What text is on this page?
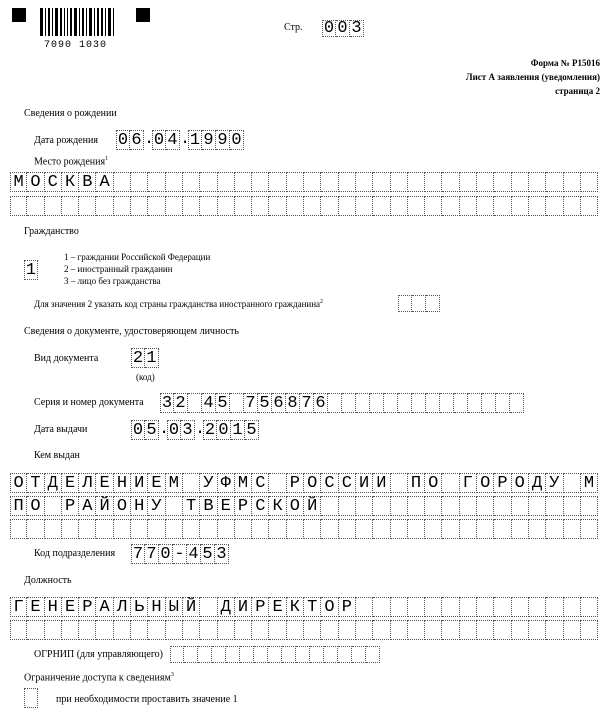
7090 1030
Стр. 0 0 3
Форма № Р15016
Лист А заявления (уведомления)
страница 2
Сведения о рождении
Дата рождения 0 6 . 0 4 . 1 9 9 0
Место рождения$^1$
М О С К В А
Гражданство
1
1 – граждании Российской Федерации
2 – иностранный гражданин
3 – лицо без гражданства
Для значения 2 указать код страны гражданства иностранного гражданина$^2$
Сведения о документе, удостоверяющем личность
Вид документа 2 1
(код)
Серия и номер документа 3 2 4 5 7 5 6 8 7 6
Дата выдачи	0 5 . 0 3 . 2 0 1 5
Кем выдан
О Т Д Е Л Е Н И Е М У Ф М С Р О С С И И П О Г О Р О Д У М
П О Р А Й О Н У Т В Е Р С К О Й
Код подразделения 7 7 0 - 4 5 3
Должность
Г Е Н Е Р А Л Ь Н Ы Й Д И Р Е К Т О Р
ОГРНИП (для управляющего)
Ограничение доступа к сведениям$^3$
при необходимости проставить значение 1
